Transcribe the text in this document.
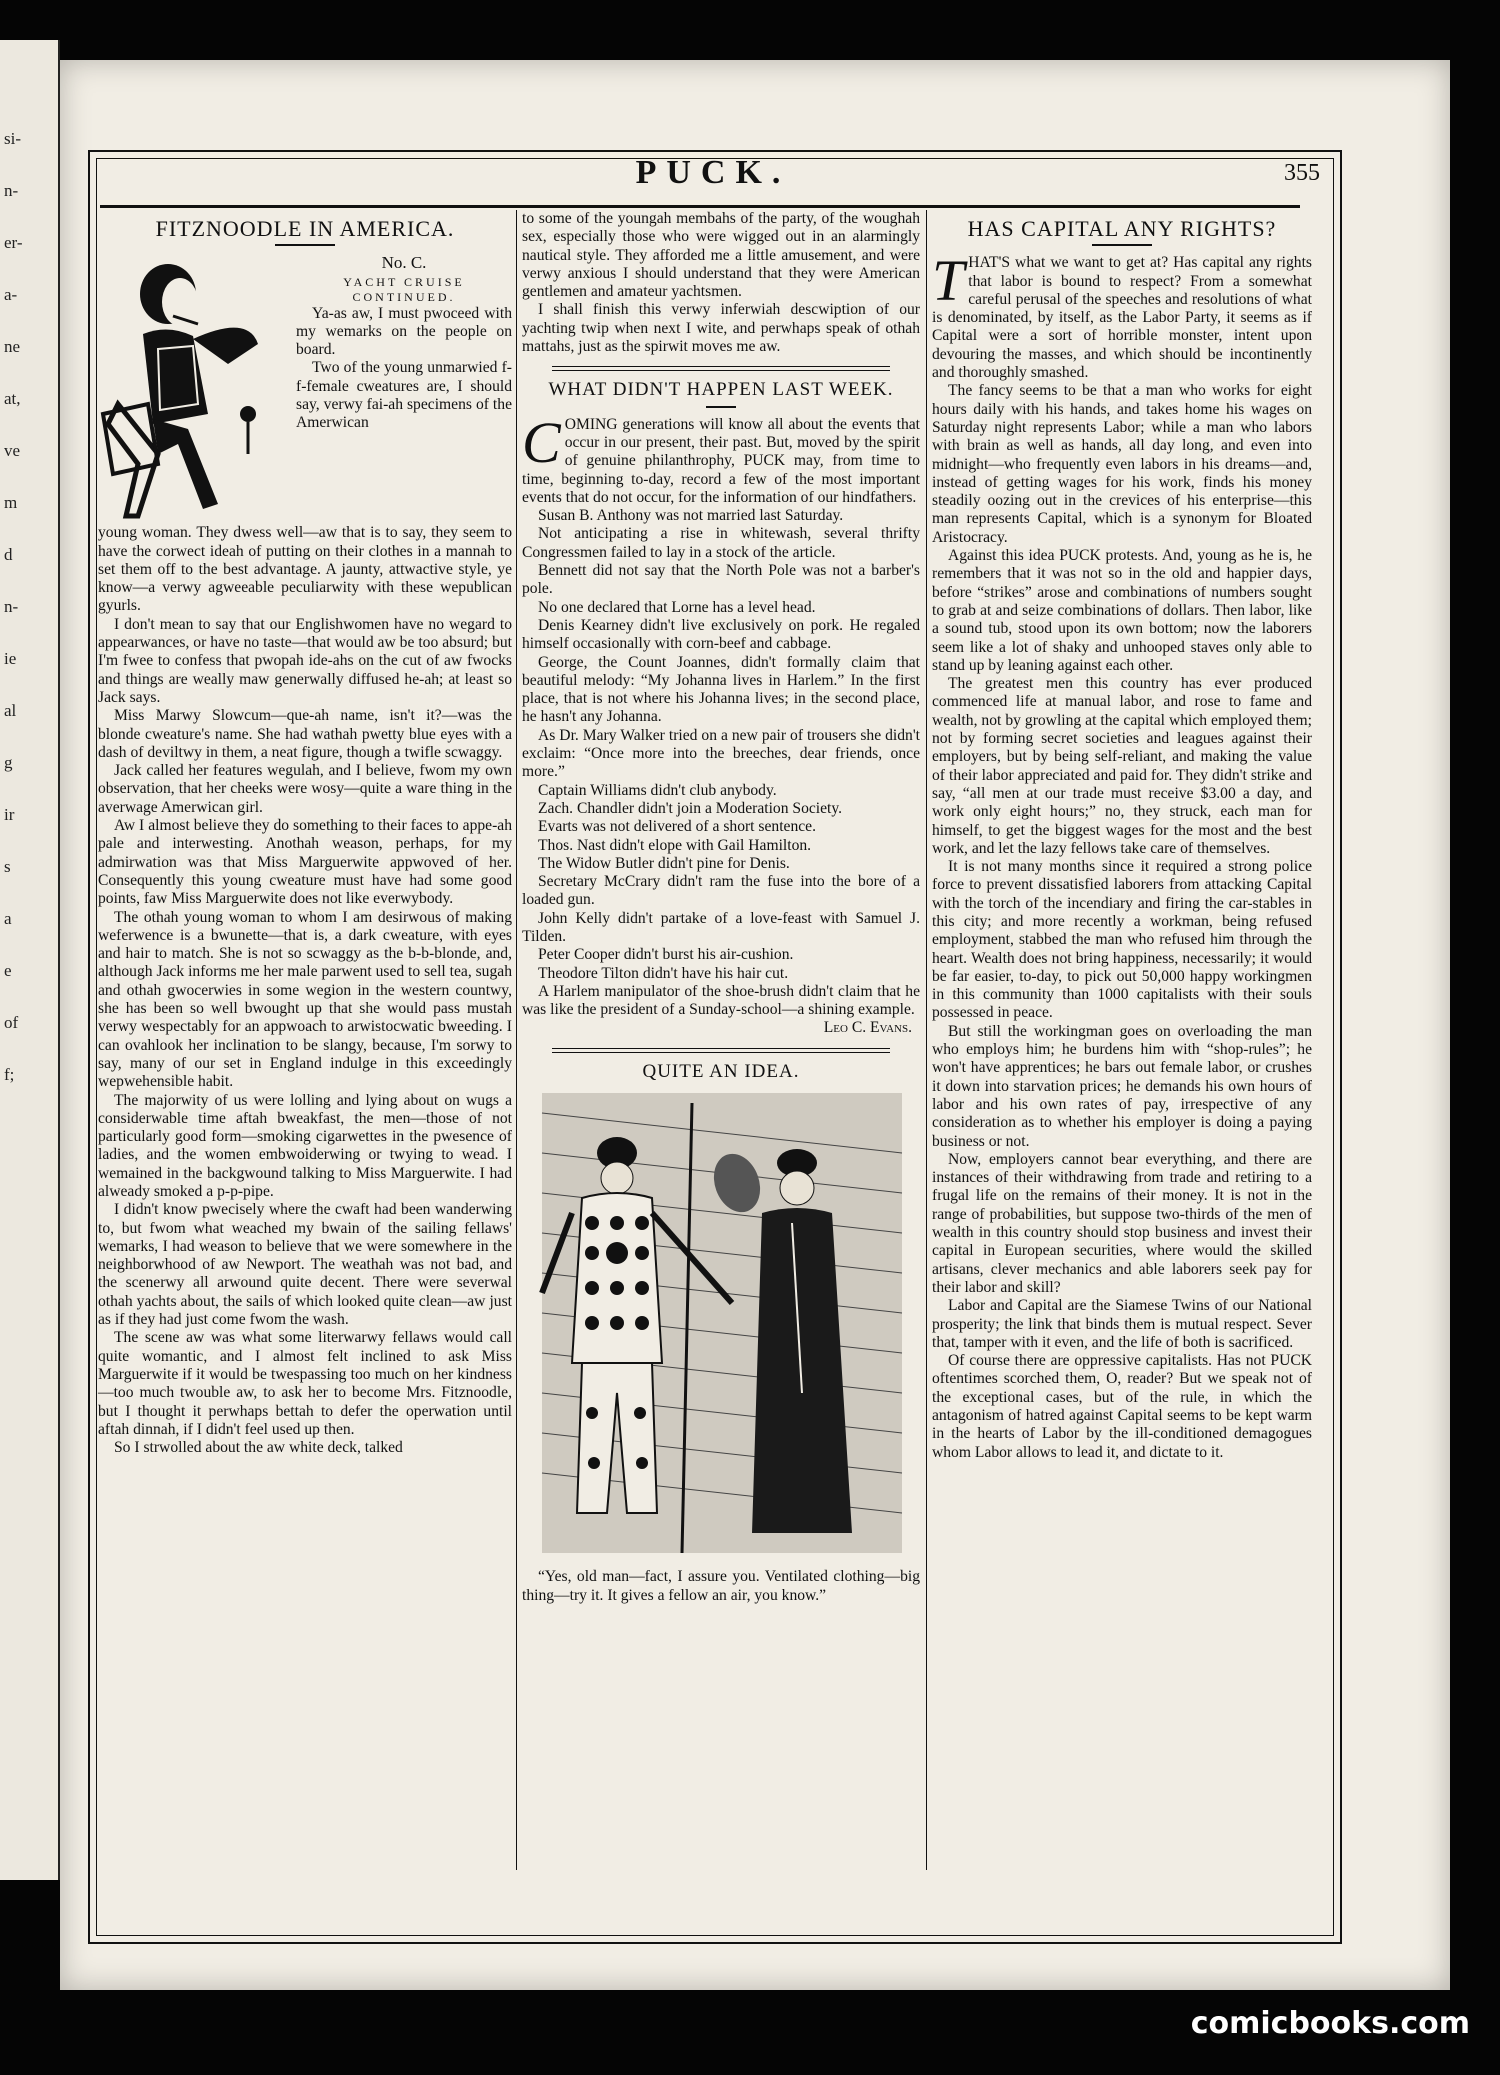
si-
n-
er-
a-
ne
at,
ve
m
d
n-
ie
al
g
ir
s
a
e
of
f;
PUCK.	355
FITZNOODLE IN AMERICA.
No. C.
YACHT CRUISE
CONTINUED.

Ya-as aw, I must pwoceed with my wemarks on the people on board.

Two of the young unmarwied f-f-female cweatures are, I should say, verwy fai-ah specimens of the Amerwican

young woman. They dwess well—aw that is to say, they seem to have the corwect ideah of putting on their clothes in a mannah to set them off to the best advantage. A jaunty, attwactive style, ye know—a verwy agweeable peculiarwity with these wepublican gyurls.

I don't mean to say that our Englishwomen have no wegard to appearwances, or have no taste—that would aw be too absurd; but I'm fwee to confess that pwopah ide-ahs on the cut of aw fwocks and things are weally maw generwally diffused he-ah; at least so Jack says.

Miss Marwy Slowcum—que-ah name, isn't it?—was the blonde cweature's name. She had wathah pwetty blue eyes with a dash of deviltwy in them, a neat figure, though a twifle scwaggy.

Jack called her features wegulah, and I believe, fwom my own observation, that her cheeks were wosy—quite a ware thing in the averwage Amerwican girl.

Aw I almost believe they do something to their faces to appe-ah pale and interwesting. Anothah weason, perhaps, for my admirwation was that Miss Marguerwite appwoved of her. Consequently this young cweature must have had some good points, faw Miss Marguerwite does not like everwybody.

The othah young woman to whom I am desirwous of making weferwence is a bwunette—that is, a dark cweature, with eyes and hair to match. She is not so scwaggy as the b-b-blonde, and, although Jack informs me her male parwent used to sell tea, sugah and othah gwocerwies in some wegion in the western countwy, she has been so well bwought up that she would pass mustah verwy wespectably for an appwoach to arwistocwatic bweeding. I can ovahlook her inclination to be slangy, because, I'm sorwy to say, many of our set in England indulge in this exceedingly wepwehensible habit.

The majorwity of us were lolling and lying about on wugs a considerwable time aftah bweakfast, the men—those of not particularly good form—smoking cigarwettes in the pwesence of ladies, and the women embwoiderwing or twying to wead. I wemained in the backgwound talking to Miss Marguerwite. I had alweady smoked a p-p-pipe.

I didn't know pwecisely where the cwaft had been wanderwing to, but fwom what weached my bwain of the sailing fellaws' wemarks, I had weason to believe that we were somewhere in the neighborwhood of aw Newport. The weathah was not bad, and the scenerwy all arwound quite decent. There were severwal othah yachts about, the sails of which looked quite clean—aw just as if they had just come fwom the wash.

The scene aw was what some literwarwy fellaws would call quite womantic, and I almost felt inclined to ask Miss Marguerwite if it would be twespassing too much on her kindness—too much twouble aw, to ask her to become Mrs. Fitznoodle, but I thought it perwhaps bettah to defer the operwation until aftah dinnah, if I didn't feel used up then.

So I strwolled about the aw white deck, talked

to some of the youngah membahs of the party, of the woughah sex, especially those who were wigged out in an alarmingly nautical style. They afforded me a little amusement, and were verwy anxious I should understand that they were American gentlemen and amateur yachtsmen.

I shall finish this verwy inferwiah descwiption of our yachting twip when next I wite, and perwhaps speak of othah mattahs, just as the spirwit moves me aw.

WHAT DIDN'T HAPPEN LAST WEEK.

COMING generations will know all about the events that occur in our present, their past. But, moved by the spirit of genuine philanthrophy, PUCK may, from time to time, beginning to-day, record a few of the most important events that do not occur, for the information of our hindfathers.

Susan B. Anthony was not married last Saturday.

Not anticipating a rise in whitewash, several thrifty Congressmen failed to lay in a stock of the article.

Bennett did not say that the North Pole was not a barber's pole.

No one declared that Lorne has a level head.

Denis Kearney didn't live exclusively on pork. He regaled himself occasionally with corn-beef and cabbage.

George, the Count Joannes, didn't formally claim that beautiful melody: “My Johanna lives in Harlem.” In the first place, that is not where his Johanna lives; in the second place, he hasn't any Johanna.

As Dr. Mary Walker tried on a new pair of trousers she didn't exclaim: “Once more into the breeches, dear friends, once more.”

Captain Williams didn't club anybody.

Zach. Chandler didn't join a Moderation Society.

Evarts was not delivered of a short sentence.

Thos. Nast didn't elope with Gail Hamilton.

The Widow Butler didn't pine for Denis.

Secretary McCrary didn't ram the fuse into the bore of a loaded gun.

John Kelly didn't partake of a love-feast with Samuel J. Tilden.

Peter Cooper didn't burst his air-cushion.

Theodore Tilton didn't have his hair cut.

A Harlem manipulator of the shoe-brush didn't claim that he was like the president of a Sunday-school—a shining example.

Leo C. Evans.
QUITE AN IDEA.

“Yes, old man—fact, I assure you. Ventilated clothing—big thing—try it. It gives a fellow an air, you know.”

HAS CAPITAL ANY RIGHTS?

THAT'S what we want to get at? Has capital any rights that labor is bound to respect? From a somewhat careful perusal of the speeches and resolutions of what is denominated, by itself, as the Labor Party, it seems as if Capital were a sort of horrible monster, intent upon devouring the masses, and which should be incontinently and thoroughly smashed.

The fancy seems to be that a man who works for eight hours daily with his hands, and takes home his wages on Saturday night represents Labor; while a man who labors with brain as well as hands, all day long, and even into midnight—who frequently even labors in his dreams—and, instead of getting wages for his work, finds his money steadily oozing out in the crevices of his enterprise—this man represents Capital, which is a synonym for Bloated Aristocracy.

Against this idea PUCK protests. And, young as he is, he remembers that it was not so in the old and happier days, before “strikes” arose and combinations of numbers sought to grab at and seize combinations of dollars. Then labor, like a sound tub, stood upon its own bottom; now the laborers seem like a lot of shaky and unhooped staves only able to stand up by leaning against each other.

The greatest men this country has ever produced commenced life at manual labor, and rose to fame and wealth, not by growling at the capital which employed them; not by forming secret societies and leagues against their employers, but by being self-reliant, and making the value of their labor appreciated and paid for. They didn't strike and say, “all men at our trade must receive $3.00 a day, and work only eight hours;” no, they struck, each man for himself, to get the biggest wages for the most and the best work, and let the lazy fellows take care of themselves.

It is not many months since it required a strong police force to prevent dissatisfied laborers from attacking Capital with the torch of the incendiary and firing the car-stables in this city; and more recently a workman, being refused employment, stabbed the man who refused him through the heart. Wealth does not bring happiness, necessarily; it would be far easier, to-day, to pick out 50,000 happy workingmen in this community than 1000 capitalists with their souls possessed in peace.

But still the workingman goes on overloading the man who employs him; he burdens him with “shop-rules”; he won't have apprentices; he bars out female labor, or crushes it down into starvation prices; he demands his own hours of labor and his own rates of pay, irrespective of any consideration as to whether his employer is doing a paying business or not.

Now, employers cannot bear everything, and there are instances of their withdrawing from trade and retiring to a frugal life on the remains of their money. It is not in the range of probabilities, but suppose two-thirds of the men of wealth in this country should stop business and invest their capital in European securities, where would the skilled artisans, clever mechanics and able laborers seek pay for their labor and skill?

Labor and Capital are the Siamese Twins of our National prosperity; the link that binds them is mutual respect. Sever that, tamper with it even, and the life of both is sacrificed.

Of course there are oppressive capitalists. Has not PUCK oftentimes scorched them, O, reader? But we speak not of the exceptional cases, but of the rule, in which the antagonism of hatred against Capital seems to be kept warm in the hearts of Labor by the ill-conditioned demagogues whom Labor allows to lead it, and dictate to it.

comicbooks.com
